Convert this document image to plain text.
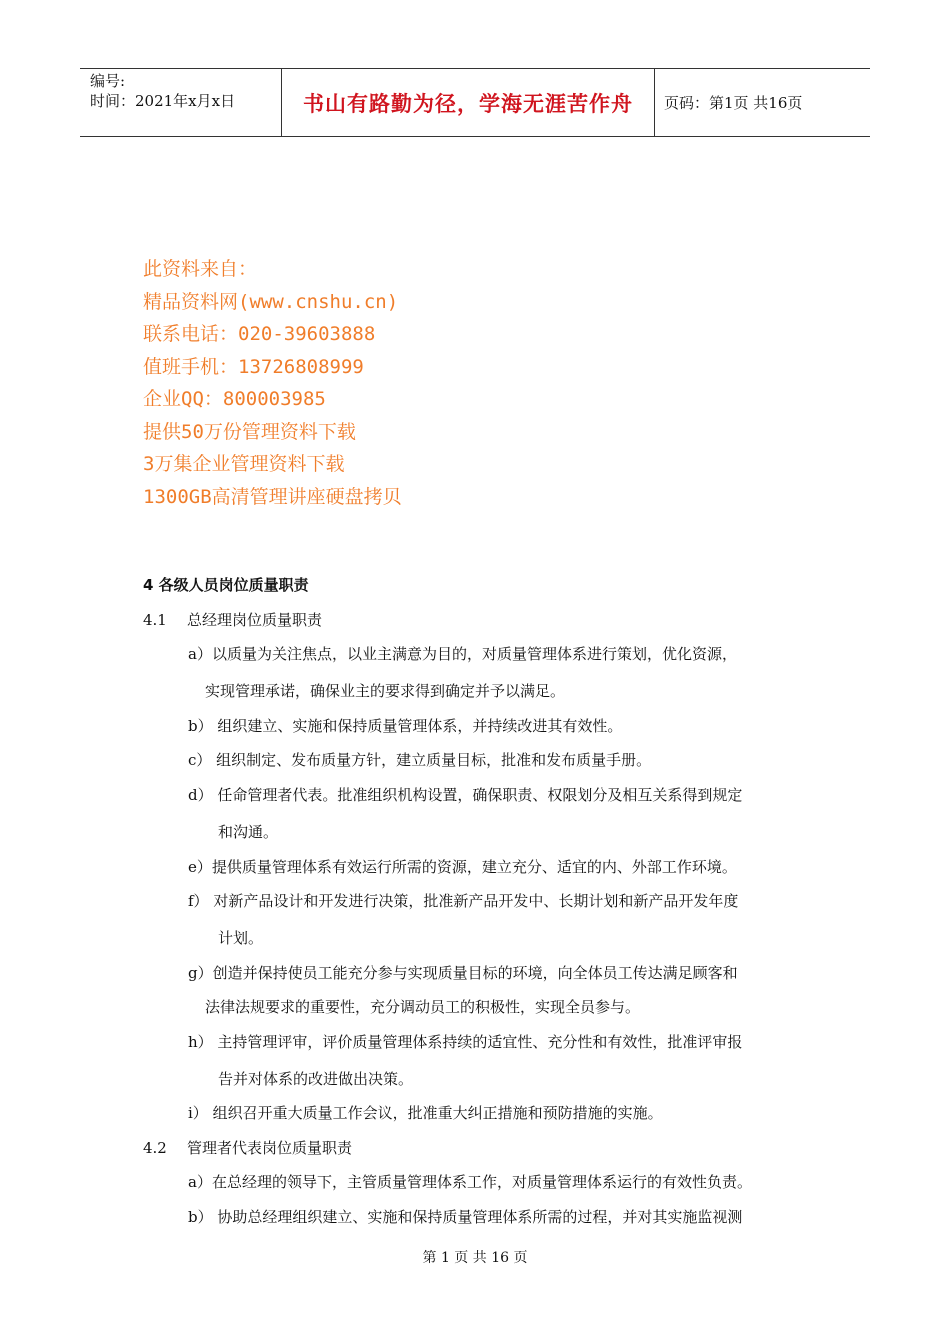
编号:
时间：2021年x月x日	书山有路勤为径，学海无涯苦作舟	页码：第1页 共16页
此资料来自：
精品资料网(www.cnshu.cn)
联系电话：020-39603888
值班手机：13726808999
企业QQ：800003985
提供50万份管理资料下载
3万集企业管理资料下载
1300GB高清管理讲座硬盘拷贝
4 各级人员岗位质量职责
4.1 总经理岗位质量职责
a）以质量为关注焦点，以业主满意为目的，对质量管理体系进行策划，优化资源，
实现管理承诺，确保业主的要求得到确定并予以满足。
b） 组织建立、实施和保持质量管理体系，并持续改进其有效性。
c） 组织制定、发布质量方针，建立质量目标，批准和发布质量手册。
d） 任命管理者代表。批准组织机构设置，确保职责、权限划分及相互关系得到规定
和沟通。
e）提供质量管理体系有效运行所需的资源，建立充分、适宜的内、外部工作环境。
f） 对新产品设计和开发进行决策，批准新产品开发中、长期计划和新产品开发年度
计划。
g）创造并保持使员工能充分参与实现质量目标的环境，向全体员工传达满足顾客和
法律法规要求的重要性，充分调动员工的积极性，实现全员参与。
h） 主持管理评审，评价质量管理体系持续的适宜性、充分性和有效性，批准评审报
告并对体系的改进做出决策。
i） 组织召开重大质量工作会议，批准重大纠正措施和预防措施的实施。
4.2 管理者代表岗位质量职责
a）在总经理的领导下，主管质量管理体系工作，对质量管理体系运行的有效性负责。
b） 协助总经理组织建立、实施和保持质量管理体系所需的过程，并对其实施监视测
第 1 页 共 16 页
